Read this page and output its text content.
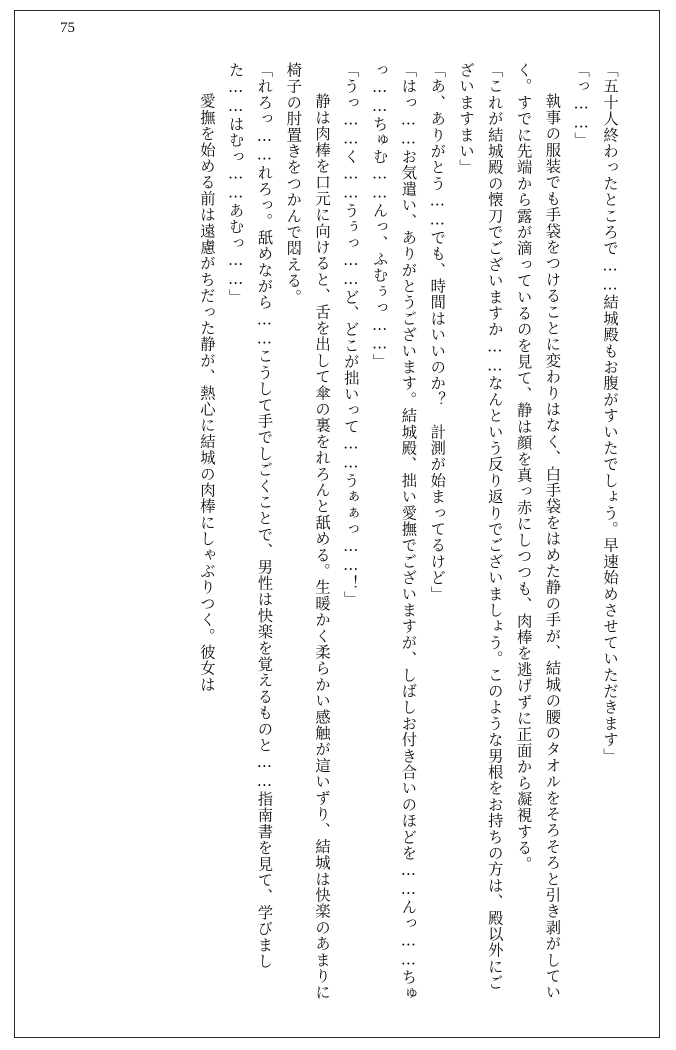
75

「五十人終わったところで……結城殿もお腹がすいたでしょう。早速始めさせていただきます」

「っ……」

　執事の服装でも手袋をつけることに変わりはなく、白手袋をはめた静の手が、結城の腰のタオルをそろそろと引き剥がしていく。すでに先端から露が滴っているのを見て、静は顔を真っ赤にしつつも、肉棒を逃げずに正面から凝視する。

「これが結城殿の懐刀でございますか……なんという反り返りでございましょう。このような男根をお持ちの方は、殿以外にございますまい」

「あ、ありがとう……でも、時間はいいのか？　計測が始まってるけど」

「はっ……お気遣い、ありがとうございます。結城殿、拙い愛撫でございますが、しばしお付き合いのほどを……んっ……ちゅっ……ちゅむ……んっ、ふむぅっ……」

「うっ……く……うぅっ……ど、どこが拙いって……うぁぁっ……！」

　静は肉棒を口元に向けると、舌を出して傘の裏をれろんと舐める。生暖かく柔らかい感触が這いずり、結城は快楽のあまりに椅子の肘置きをつかんで悶える。

「れろっ……れろっ。舐めながら……こうして手でしごくことで、男性は快楽を覚えるものと……指南書を見て、学びました……はむっ……あむっ……」

　愛撫を始める前は遠慮がちだった静が、熱心に結城の肉棒にしゃぶりつく。彼女は
